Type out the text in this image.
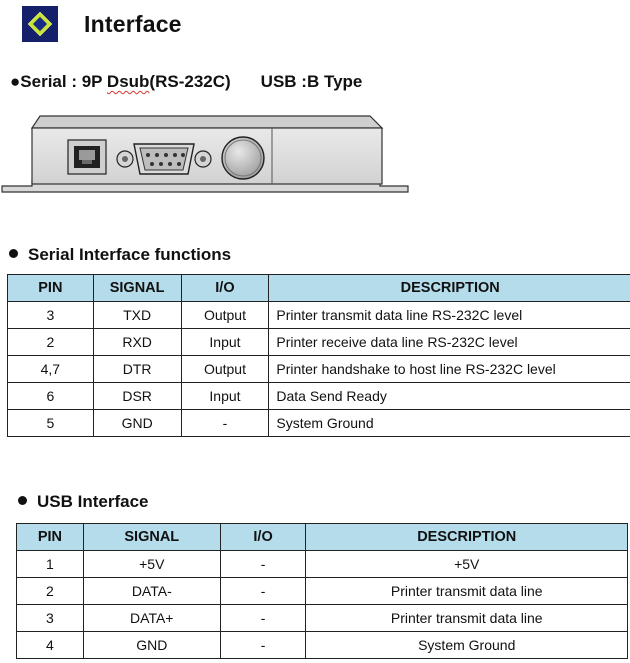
Interface
●Serial : 9P Dsub(RS-232C) USB :B Type
Serial Interface functions
PIN	SIGNAL	I/O	DESCRIPTION
3	TXD	Output	Printer transmit data line RS-232C level
2	RXD	Input	Printer receive data line RS-232C level
4,7	DTR	Output	Printer handshake to host line RS-232C level
6	DSR	Input	Data Send Ready
5	GND	-	System Ground
USB Interface
PIN	SIGNAL	I/O	DESCRIPTION
1	+5V	-	+5V
2	DATA-	-	Printer transmit data line
3	DATA+	-	Printer transmit data line
4	GND	-	System Ground
